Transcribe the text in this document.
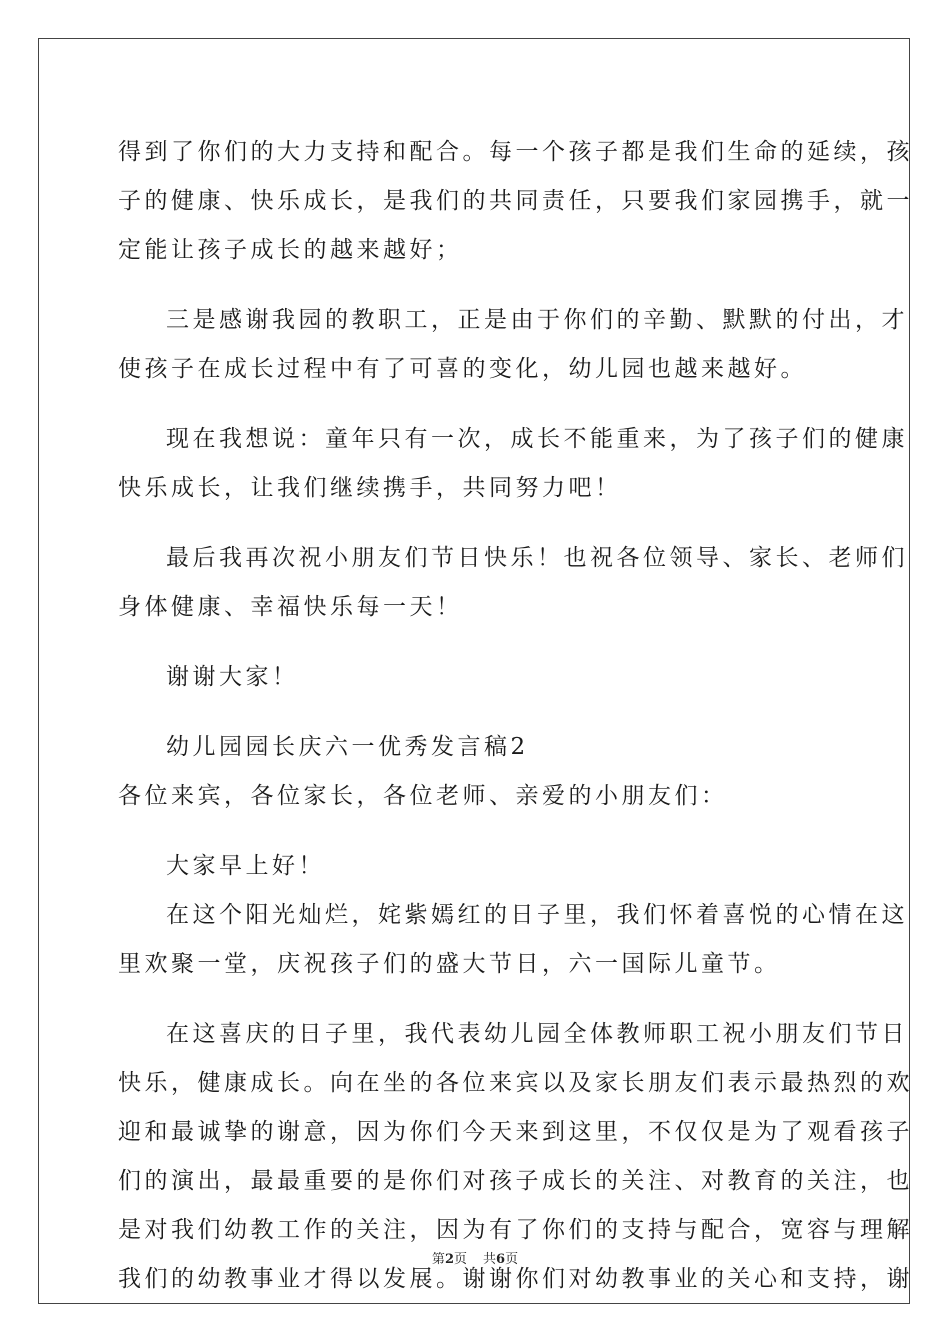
得到了你们的大力支持和配合。每一个孩子都是我们生命的延续，孩
子的健康、快乐成长，是我们的共同责任，只要我们家园携手，就一
定能让孩子成长的越来越好；
三是感谢我园的教职工，正是由于你们的辛勤、默默的付出，才
使孩子在成长过程中有了可喜的变化，幼儿园也越来越好。
现在我想说：童年只有一次，成长不能重来，为了孩子们的健康
快乐成长，让我们继续携手，共同努力吧！
最后我再次祝小朋友们节日快乐！也祝各位领导、家长、老师们
身体健康、幸福快乐每一天！
谢谢大家！
幼儿园园长庆六一优秀发言稿2
各位来宾，各位家长，各位老师、亲爱的小朋友们：
大家早上好！
在这个阳光灿烂，姹紫嫣红的日子里，我们怀着喜悦的心情在这
里欢聚一堂，庆祝孩子们的盛大节日，六一国际儿童节。
在这喜庆的日子里，我代表幼儿园全体教师职工祝小朋友们节日
快乐，健康成长。向在坐的各位来宾以及家长朋友们表示最热烈的欢
迎和最诚挚的谢意，因为你们今天来到这里，不仅仅是为了观看孩子
们的演出，最最重要的是你们对孩子成长的关注、对教育的关注，也
是对我们幼教工作的关注，因为有了你们的支持与配合，宽容与理解
我们的幼教事业才得以发展。谢谢你们对幼教事业的关心和支持，谢
第2页 共6页
